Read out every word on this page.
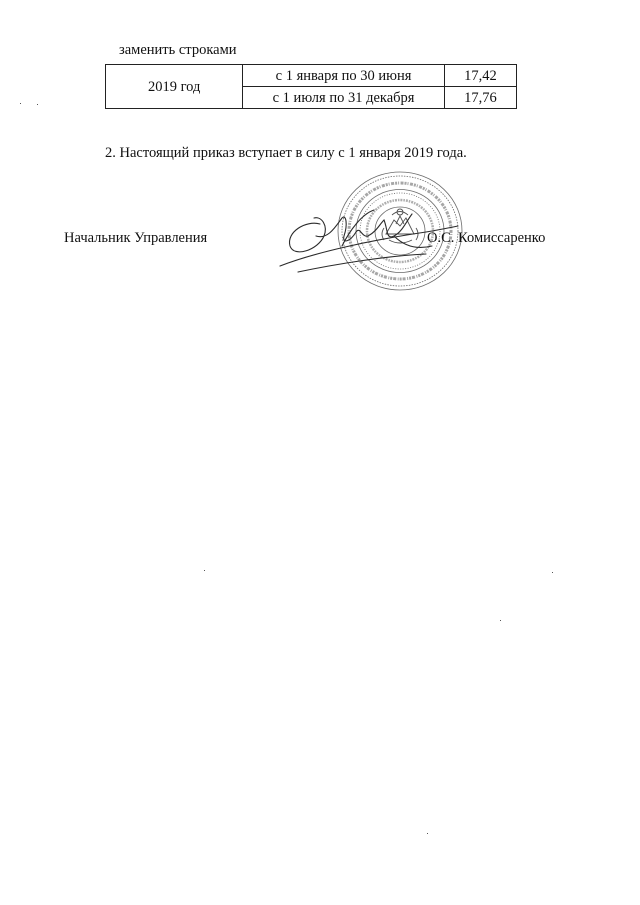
заменить строками
2019 год	с 1 января по 30 июня	17,42
	с 1 июля по 31 декабря	17,76
2. Настоящий приказ вступает в силу с 1 января 2019 года.
Начальник Управления	О.С. Комиссаренко
